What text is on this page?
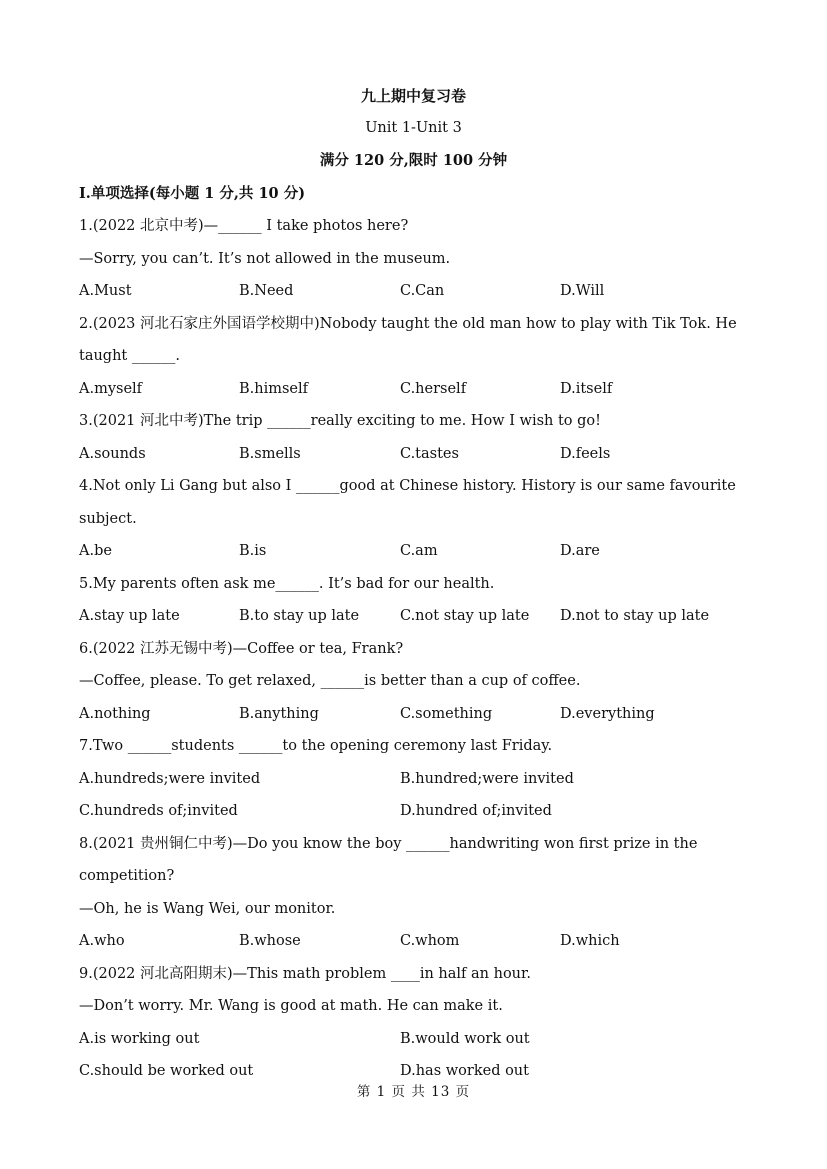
九上期中复习卷
Unit 1-Unit 3
满分 120 分,限时 100 分钟
I.单项选择(每小题 1 分,共 10 分)
1.(2022 北京中考)—______ I take photos here?
—Sorry, you can’t. It’s not allowed in the museum.
A.Must	B.Need	C.Can	D.Will
2.(2023 河北石家庄外国语学校期中)Nobody taught the old man how to play with Tik Tok. He
taught ______.
A.myself	B.himself	C.herself	D.itself
3.(2021 河北中考)The trip ______really exciting to me. How I wish to go!
A.sounds	B.smells	C.tastes	D.feels
4.Not only Li Gang but also I ______good at Chinese history. History is our same favourite
subject.
A.be	B.is	C.am	D.are
5.My parents often ask me______. It’s bad for our health.
A.stay up late	B.to stay up late	C.not stay up late D.not to stay up late
6.(2022 江苏无锡中考)—Coffee or tea, Frank?
—Coffee, please. To get relaxed, ______is better than a cup of coffee.
A.nothing	B.anything	C.something	D.everything
7.Two ______students ______to the opening ceremony last Friday.
A.hundreds;were invited	B.hundred;were invited
C.hundreds of;invited	D.hundred of;invited
8.(2021 贵州铜仁中考)—Do you know the boy ______handwriting won first prize in the
competition?
—Oh, he is Wang Wei, our monitor.
A.who	B.whose	C.whom	D.which
9.(2022 河北高阳期末)—This math problem ____in half an hour.
—Don’t worry. Mr. Wang is good at math. He can make it.
A.is working out	B.would work out
C.should be worked out	D.has worked out
第 1 页 共 13 页
